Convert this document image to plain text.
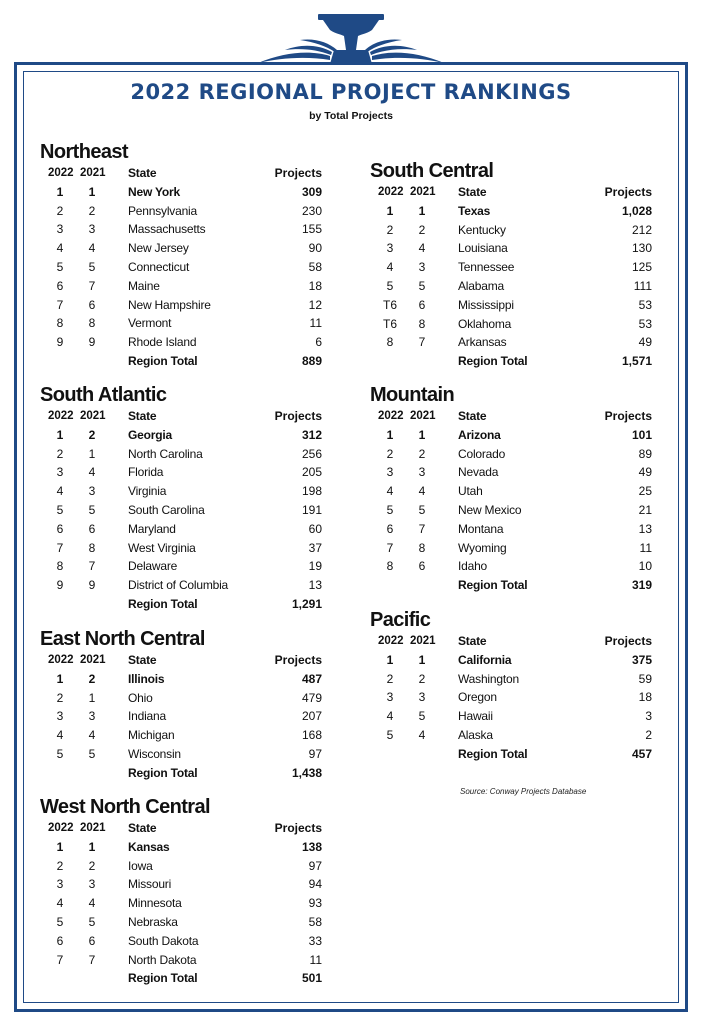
2022 REGIONAL PROJECT RANKINGS
by Total Projects
Northeast
2022 2021 State	Projects
1	1	New York	309
2	2	Pennsylvania	230
3	3	Massachusetts	155
4	4	New Jersey	90
5	5	Connecticut	58
6	7	Maine	18
7	6	New Hampshire	12
8	8	Vermont	11
9	9	Rhode Island	6
Region Total	889
South Atlantic
2022 2021 State	Projects
1	2	Georgia	312
2	1	North Carolina	256
3	4	Florida	205
4	3	Virginia	198
5	5	South Carolina	191
6	6	Maryland	60
7	8	West Virginia	37
8	7	Delaware	19
9	9	District of Columbia	13
Region Total	1,291
East North Central
2022 2021 State	Projects
1	2	Illinois	487
2	1	Ohio	479
3	3	Indiana	207
4	4	Michigan	168
5	5	Wisconsin	97
Region Total	1,438
West North Central
2022 2021 State	Projects
1	1	Kansas	138
2	2	Iowa	97
3	3	Missouri	94
4	4	Minnesota	93
5	5	Nebraska	58
6	6	South Dakota	33
7	7	North Dakota	11
Region Total	501
South Central
2022 2021 State	Projects
1	1	Texas	1,028
2	2	Kentucky	212
3	4	Louisiana	130
4	3	Tennessee	125
5	5	Alabama	111
T6	6	Mississippi	53
T6	8	Oklahoma	53
8	7	Arkansas	49
Region Total	1,571
Mountain
2022 2021 State	Projects
1	1	Arizona	101
2	2	Colorado	89
3	3	Nevada	49
4	4	Utah	25
5	5	New Mexico	21
6	7	Montana	13
7	8	Wyoming	11
8	6	Idaho	10
Region Total	319
Pacific
2022 2021 State	Projects
1	1	California	375
2	2	Washington	59
3	3	Oregon	18
4	5	Hawaii	3
5	4	Alaska	2
Region Total	457
Source: Conway Projects Database
